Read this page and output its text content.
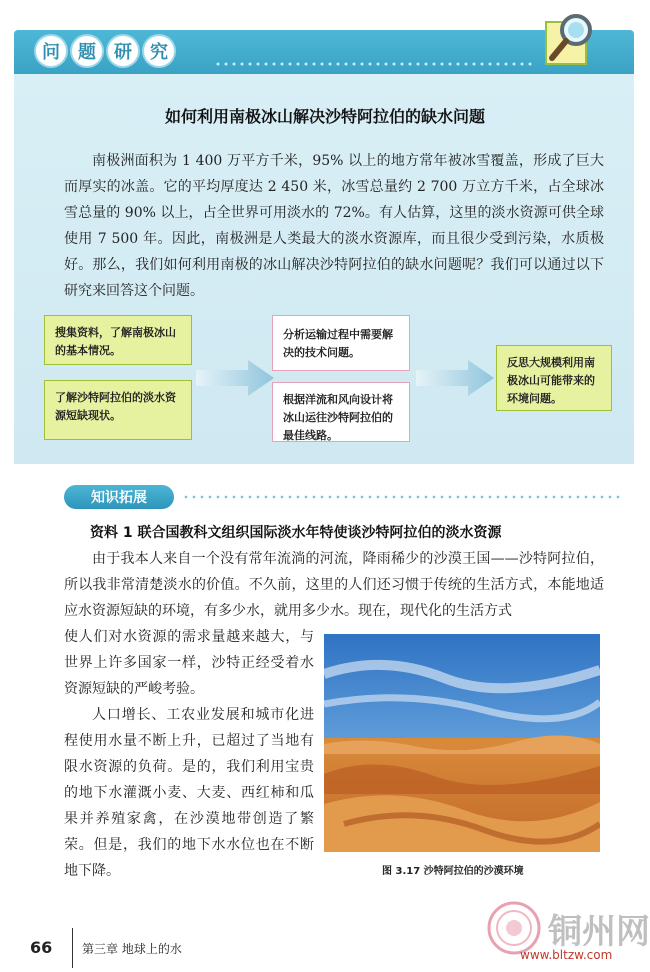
问	题	研	究
如何利用南极冰山解决沙特阿拉伯的缺水问题
南极洲面积为 1 400 万平方千米，95% 以上的地方常年被冰雪覆盖，形成了巨大而厚实的冰盖。它的平均厚度达 2 450 米，冰雪总量约 2 700 万立方千米，占全球冰雪总量的 90% 以上，占全世界可用淡水的 72%。有人估算，这里的淡水资源可供全球使用 7 500 年。因此，南极洲是人类最大的淡水资源库，而且很少受到污染，水质极好。那么，我们如何利用南极的冰山解决沙特阿拉伯的缺水问题呢？我们可以通过以下研究来回答这个问题。
搜集资料，了解南极冰山的基本情况。
了解沙特阿拉伯的淡水资源短缺现状。
分析运输过程中需要解决的技术问题。
根据洋流和风向设计将冰山运往沙特阿拉伯的最佳线路。
反思大规模利用南极冰山可能带来的环境问题。
知识拓展
资料 1 联合国教科文组织国际淡水年特使谈沙特阿拉伯的淡水资源
由于我本人来自一个没有常年流淌的河流，降雨稀少的沙漠王国——沙特阿拉伯，所以我非常清楚淡水的价值。不久前，这里的人们还习惯于传统的生活方式，本能地适应水资源短缺的环境，有多少水，就用多少水。现在，现代化的生活方式
使人们对水资源的需求量越来越大，与世界上许多国家一样，沙特正经受着水资源短缺的严峻考验。
人口增长、工农业发展和城市化进程使用水量不断上升，已超过了当地有限水资源的负荷。是的，我们利用宝贵的地下水灌溉小麦、大麦、西红柿和瓜果并养殖家禽，在沙漠地带创造了繁荣。但是，我们的地下水水位也在不断地下降。	图 3.17 沙特阿拉伯的沙漠环境
66 第三章 地球上的水	铜州网
www.bltzw.com
